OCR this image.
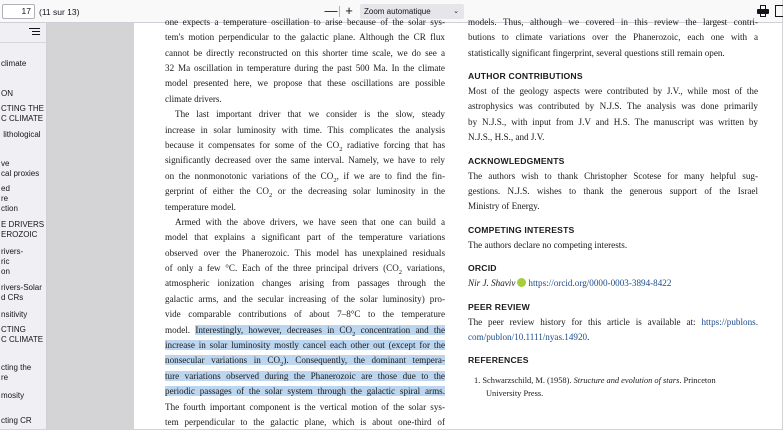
17 (11 sur 13)	— +	Zoom automatique	⌄
climate
ON
CTING THE
C CLIMATE
lithological
ve
cal proxies
ed
re
ction
E DRIVERS
EROZOIC
rivers-
ric
on
rivers-Solar
d CRs
nsitivity
CTING
C CLIMATE
cting the
re
mosity
cting CR
one expects a temperature oscillation to arise because of the solar sys-
tem's motion perpendicular to the galactic plane. Although the CR flux
cannot be directly reconstructed on this shorter time scale, we do see a
32 Ma oscillation in temperature during the past 500 Ma. In the climate
model presented here, we propose that these oscillations are possible
climate drivers.
The last important driver that we consider is the slow, steady
increase in solar luminosity with time. This complicates the analysis
because it compensates for some of the $CO_2$ radiative forcing that has
significantly decreased over the same interval. Namely, we have to rely
on the nonmonotonic variations of the $CO_2$, if we are to find the fin-
gerprint of either the $CO_2$ or the decreasing solar luminosity in the
temperature model.
Armed with the above drivers, we have seen that one can build a
model that explains a significant part of the temperature variations
observed over the Phanerozoic. This model has unexplained residuals
of only a few °C. Each of the three principal drivers ($CO_2$ variations,
atmospheric ionization changes arising from passages through the
galactic arms, and the secular increasing of the solar luminosity) pro-
vide comparable contributions of about 7–8°C to the temperature
model. Interestingly, however, decreases in $CO_2$ concentration and the
increase in solar luminosity mostly cancel each other out (except for the
nonsecular variations in $CO_2$). Consequently, the dominant tempera-
ture variations observed during the Phanerozoic are those due to the
periodic passages of the solar system through the galactic spiral arms.
The fourth important component is the vertical motion of the solar sys-
tem perpendicular to the galactic plane, which is about one-third of
models. Thus, although we covered in this review the largest contri-
butions to climate variations over the Phanerozoic, each one with a
statistically significant fingerprint, several questions still remain open.
AUTHOR CONTRIBUTIONS
Most of the geology aspects were contributed by J.V., while most of the
astrophysics was contributed by N.J.S. The analysis was done primarily
by N.J.S., with input from J.V and H.S. The manuscript was written by
N.J.S., H.S., and J.V.
ACKNOWLEDGMENTS
The authors wish to thank Christopher Scotese for many helpful sug-
gestions. N.J.S. wishes to thank the generous support of the Israel
Ministry of Energy.
COMPETING INTERESTS
The authors declare no competing interests.
ORCID
Nir J. Shaviv https://orcid.org/0000-0003-3894-8422
PEER REVIEW
The peer review history for this article is available at: https://publons.
com/publon/10.1111/nyas.14920.
REFERENCES
1. Schwarzschild, M. (1958). Structure and evolution of stars. Princeton
University Press.
